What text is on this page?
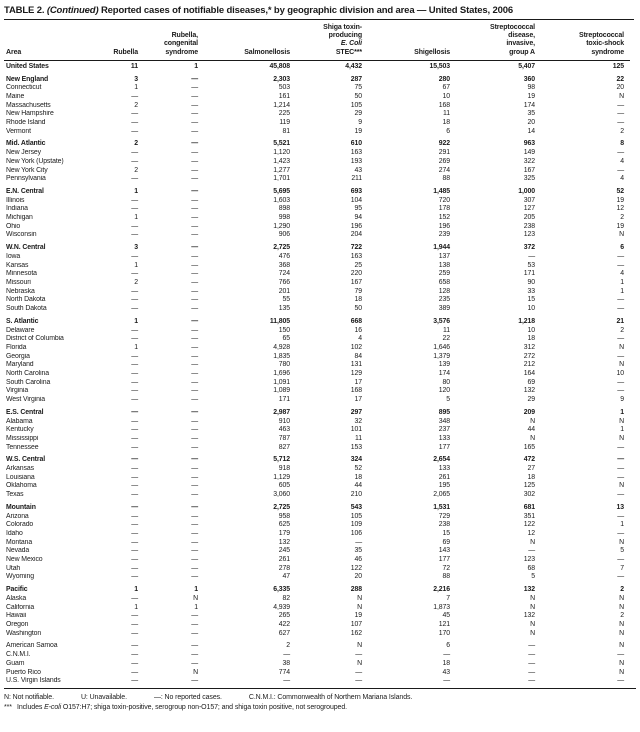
TABLE 2. (Continued) Reported cases of notifiable diseases,* by geographic division and area — United States, 2006
Area	Rubella	Rubella,
congenital
syndrome	Salmonellosis	Shiga toxin-
producing
E. Coli
STEC***	Shigellosis	Streptococcal
disease,
invasive,
group A	Streptococcal
toxic-shock
syndrome
United States	11	1	45,808	4,432	15,503	5,407	125
New England	3	—	2,303	287	280	360	22
Connecticut	1	—	503	75	67	98	20
Maine	—	—	161	50	10	19	N
Massachusetts	2	—	1,214	105	168	174	—
New Hampshire	—	—	225	29	11	35	—
Rhode Island	—	—	119	9	18	20	—
Vermont	—	—	81	19	6	14	2
Mid. Atlantic	2	—	5,521	610	922	963	8
New Jersey	—	—	1,120	163	291	149	—
New York (Upstate)	—	—	1,423	193	269	322	4
New York City	2	—	1,277	43	274	167	—
Pennsylvania	—	—	1,701	211	88	325	4
E.N. Central	1	—	5,695	693	1,485	1,000	52
Illinois	—	—	1,603	104	720	307	19
Indiana	—	—	898	95	178	127	12
Michigan	1	—	998	94	152	205	2
Ohio	—	—	1,290	196	196	238	19
Wisconsin	—	—	906	204	239	123	N
W.N. Central	3	—	2,725	722	1,944	372	6
Iowa	—	—	476	163	137	—	—
Kansas	1	—	368	25	138	53	—
Minnesota	—	—	724	220	259	171	4
Missouri	2	—	766	167	658	90	1
Nebraska	—	—	201	79	128	33	1
North Dakota	—	—	55	18	235	15	—
South Dakota	—	—	135	50	389	10	—
S. Atlantic	1	—	11,805	668	3,576	1,218	21
Delaware	—	—	150	16	11	10	2
District of Columbia	—	—	65	4	22	18	—
Florida	1	—	4,928	102	1,646	312	N
Georgia	—	—	1,835	84	1,379	272	—
Maryland	—	—	780	131	139	212	N
North Carolina	—	—	1,696	129	174	164	10
South Carolina	—	—	1,091	17	80	69	—
Virginia	—	—	1,089	168	120	132	—
West Virginia	—	—	171	17	5	29	9
E.S. Central	—	—	2,987	297	895	209	1
Alabama	—	—	910	32	348	N	N
Kentucky	—	—	463	101	237	44	1
Mississippi	—	—	787	11	133	N	N
Tennessee	—	—	827	153	177	165	—
W.S. Central	—	—	5,712	324	2,654	472	—
Arkansas	—	—	918	52	133	27	—
Louisiana	—	—	1,129	18	261	18	—
Oklahoma	—	—	605	44	195	125	N
Texas	—	—	3,060	210	2,065	302	—
Mountain	—	—	2,725	543	1,531	681	13
Arizona	—	—	958	105	729	351	—
Colorado	—	—	625	109	238	122	1
Idaho	—	—	179	106	15	12	—
Montana	—	—	132	—	69	N	N
Nevada	—	—	245	35	143	—	5
New Mexico	—	—	261	46	177	123	—
Utah	—	—	278	122	72	68	7
Wyoming	—	—	47	20	88	5	—
Pacific	1	1	6,335	288	2,216	132	2
Alaska	—	N	82	N	7	N	N
California	1	1	4,939	N	1,873	N	N
Hawaii	—	—	265	19	45	132	2
Oregon	—	—	422	107	121	N	N
Washington	—	—	627	162	170	N	N
American Samoa	—	—	2	N	6	—	N
C.N.M.I.	—	—	—	—	—	—	—
Guam	—	—	38	N	18	—	N
Puerto Rico	—	N	774	—	43	—	N
U.S. Virgin Islands	—	—	—	—	—	—	—
N: Not notifiable.	U: Unavailable.	—: No reported cases.	C.N.M.I.: Commonwealth of Northern Mariana Islands.
*** Includes E-coli O157:H7; shiga toxin-positive, serogroup non-O157; and shiga toxin positive, not serogrouped.
